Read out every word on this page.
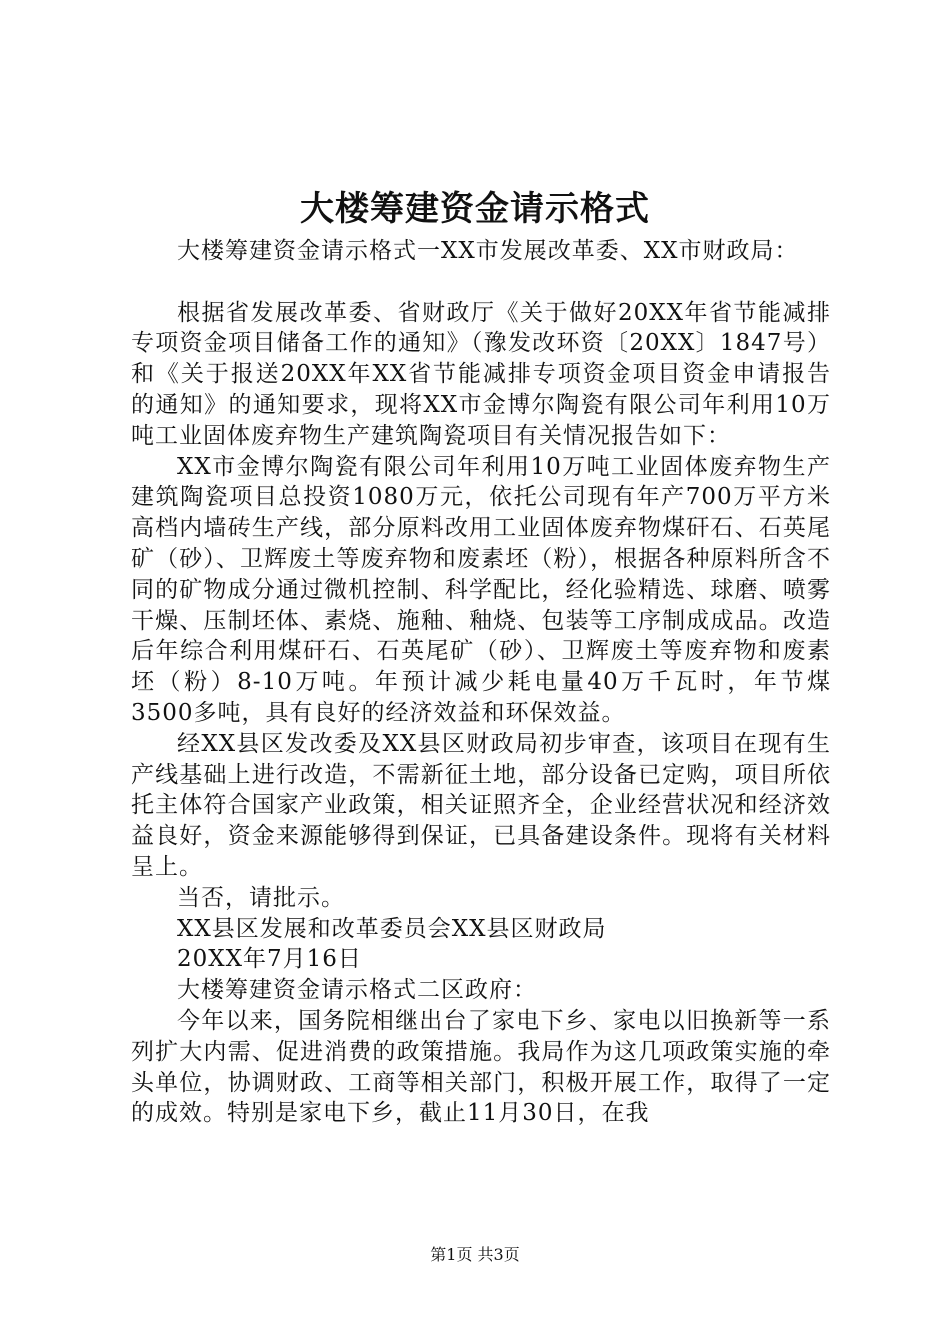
大楼筹建资金请示格式

大楼筹建资金请示格式一XX市发展改革委、XX市财政局：

根据省发展改革委、省财政厅《关于做好20XX年省节能减排专项资金项目储备工作的通知》（豫发改环资〔20XX〕1847号）和《关于报送20XX年XX省节能减排专项资金项目资金申请报告的通知》的通知要求，现将XX市金博尔陶瓷有限公司年利用10万吨工业固体废弃物生产建筑陶瓷项目有关情况报告如下：

XX市金博尔陶瓷有限公司年利用10万吨工业固体废弃物生产建筑陶瓷项目总投资1080万元，依托公司现有年产700万平方米高档内墙砖生产线，部分原料改用工业固体废弃物煤矸石、石英尾矿（砂）、卫辉废土等废弃物和废素坯（粉），根据各种原料所含不同的矿物成分通过微机控制、科学配比，经化验精选、球磨、喷雾干燥、压制坯体、素烧、施釉、釉烧、包装等工序制成成品。改造后年综合利用煤矸石、石英尾矿（砂）、卫辉废土等废弃物和废素坯（粉）8-10万吨。年预计减少耗电量40万千瓦时，年节煤3500多吨，具有良好的经济效益和环保效益。

经XX县区发改委及XX县区财政局初步审查，该项目在现有生产线基础上进行改造，不需新征土地，部分设备已定购，项目所依托主体符合国家产业政策，相关证照齐全，企业经营状况和经济效益良好，资金来源能够得到保证，已具备建设条件。现将有关材料呈上。

当否，请批示。

XX县区发展和改革委员会XX县区财政局

20XX年7月16日

大楼筹建资金请示格式二区政府：

今年以来，国务院相继出台了家电下乡、家电以旧换新等一系列扩大内需、促进消费的政策措施。我局作为这几项政策实施的牵头单位，协调财政、工商等相关部门，积极开展工作，取得了一定的成效。特别是家电下乡，截止11月30日，在我

第1页 共3页
